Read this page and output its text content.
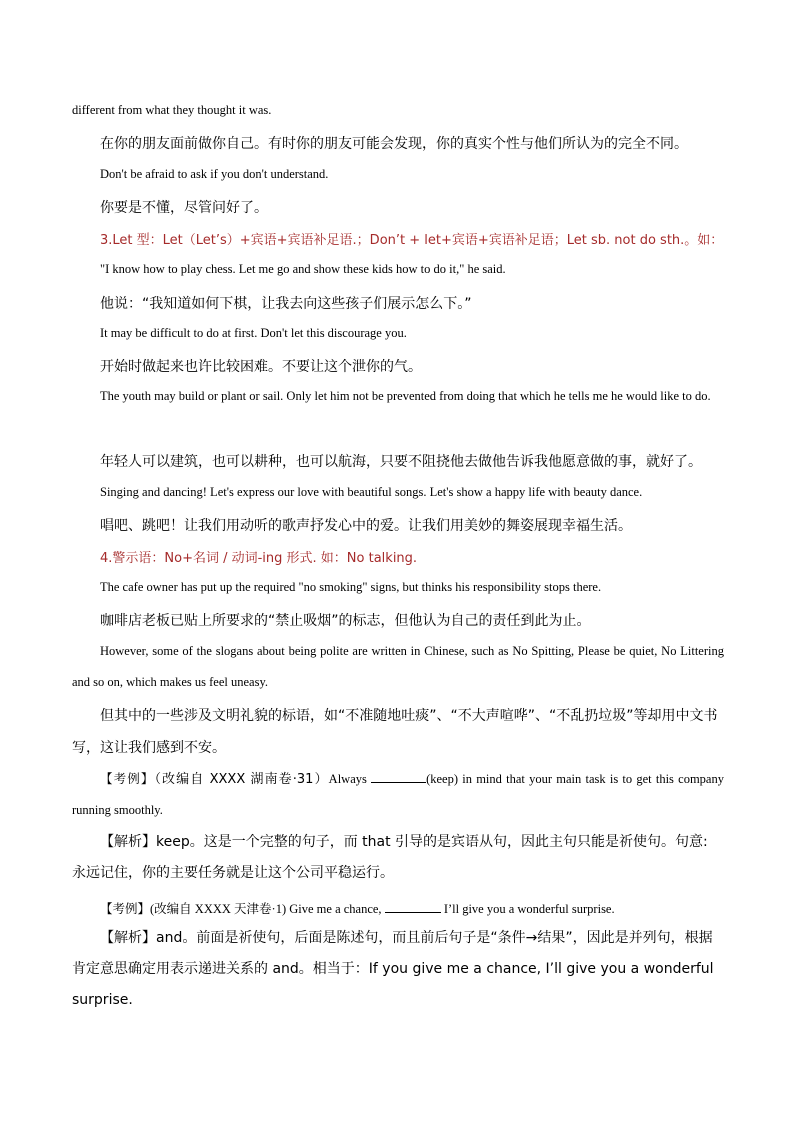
different from what they thought it was.

在你的朋友面前做你自己。有时你的朋友可能会发现，你的真实个性与他们所认为的完全不同。

Don't be afraid to ask if you don't understand.

你要是不懂，尽管问好了。

3.Let 型：Let（Let’s）+宾语+宾语补足语.；Don’t + let+宾语+宾语补足语；Let sb. not do sth.。如：

"I know how to play chess. Let me go and show these kids how to do it," he said.

他说：“我知道如何下棋，让我去向这些孩子们展示怎么下。”

It may be difficult to do at first. Don't let this discourage you.

开始时做起来也许比较困难。不要让这个泄你的气。

The youth may build or plant or sail. Only let him not be prevented from doing that which he tells me he would like to do.

年轻人可以建筑，也可以耕种，也可以航海，只要不阻挠他去做他告诉我他愿意做的事，就好了。

Singing and dancing! Let's express our love with beautiful songs. Let's show a happy life with beauty dance.

唱吧、跳吧！让我们用动听的歌声抒发心中的爱。让我们用美妙的舞姿展现幸福生活。

4.警示语：No+名词 / 动词-ing 形式. 如：No talking.

The cafe owner has put up the required "no smoking" signs, but thinks his responsibility stops there.

咖啡店老板已贴上所要求的“禁止吸烟”的标志，但他认为自己的责任到此为止。

However, some of the slogans about being polite are written in Chinese, such as No Spitting, Please be quiet, No Littering and so on, which makes us feel uneasy.

但其中的一些涉及文明礼貌的标语，如“不准随地吐痰”、“不大声喧哗”、“不乱扔垃圾”等却用中文书写，这让我们感到不安。

【考例】（改编自 XXXX 湖南卷·31）Always	(keep) in mind that your main task is to get this company running smoothly.

【解析】keep。这是一个完整的句子，而 that 引导的是宾语从句，因此主句只能是祈使句。句意: 永远记住，你的主要任务就是让这个公司平稳运行。

【考例】(改编自 XXXX 天津卷·1) Give me a chance,	I’ll give you a wonderful surprise.

【解析】and。前面是祈使句，后面是陈述句，而且前后句子是“条件→结果”，因此是并列句，根据肯定意思确定用表示递进关系的 and。相当于：If you give me a chance, I’ll give you a wonderful surprise.
